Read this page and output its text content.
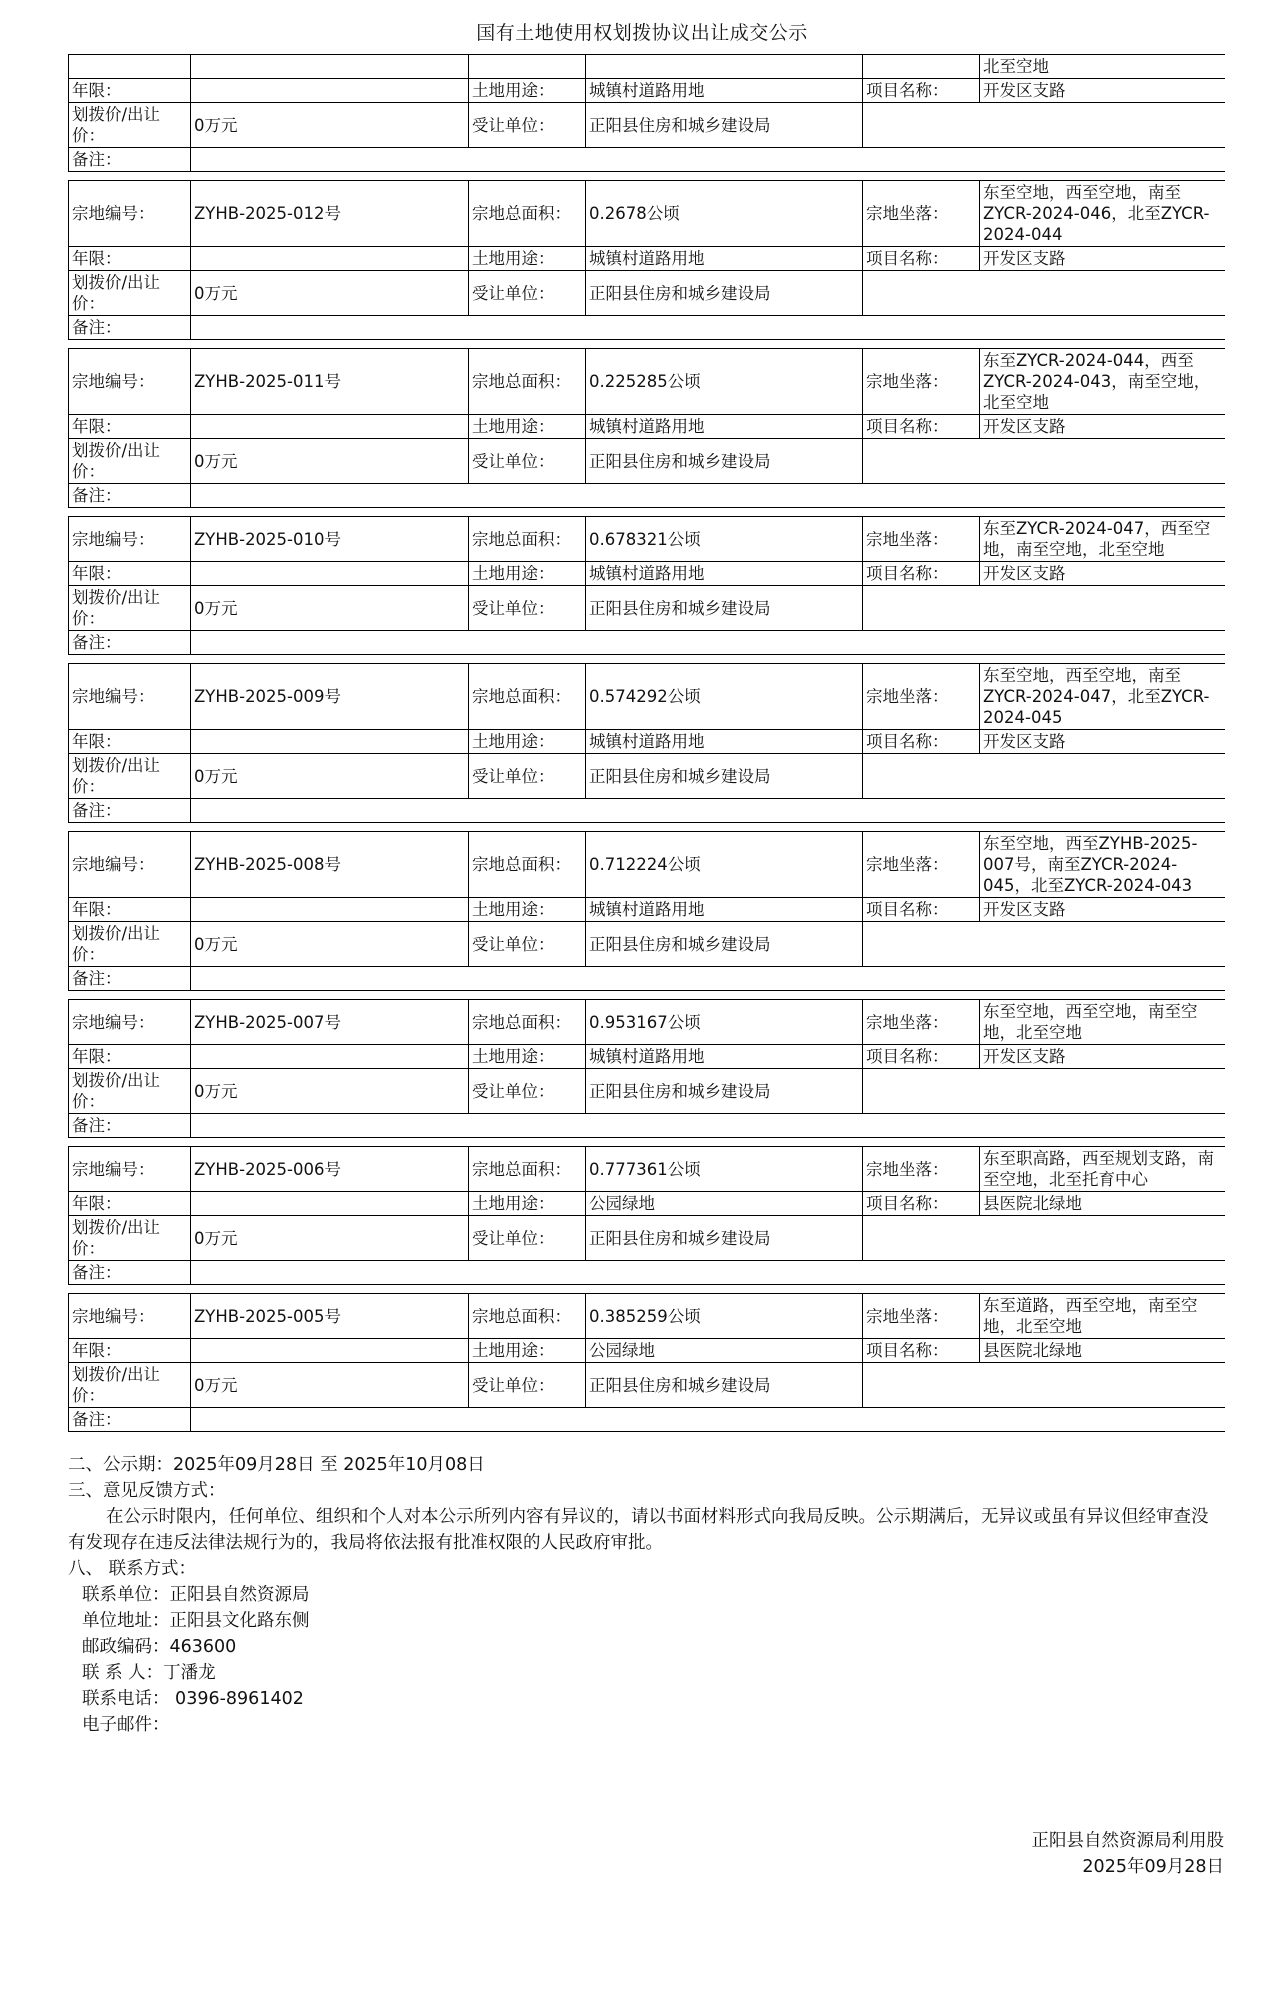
国有土地使用权划拨协议出让成交公示
					北至空地
年限：		土地用途：	城镇村道路用地	项目名称：	开发区支路
划拨价/出让价：	0万元	受让单位：	正阳县住房和城乡建设局		
备注：					

宗地编号：	ZYHB-2025-012号	宗地总面积：	0.2678公顷	宗地坐落：	东至空地，西至空地，南至ZYCR-2024-046，北至ZYCR-2024-044
年限：		土地用途：	城镇村道路用地	项目名称：	开发区支路
划拨价/出让价：	0万元	受让单位：	正阳县住房和城乡建设局		
备注：					

宗地编号：	ZYHB-2025-011号	宗地总面积：	0.225285公顷	宗地坐落：	东至ZYCR-2024-044，西至ZYCR-2024-043，南至空地，北至空地
年限：		土地用途：	城镇村道路用地	项目名称：	开发区支路
划拨价/出让价：	0万元	受让单位：	正阳县住房和城乡建设局		
备注：					

宗地编号：	ZYHB-2025-010号	宗地总面积：	0.678321公顷	宗地坐落：	东至ZYCR-2024-047，西至空地，南至空地，北至空地
年限：		土地用途：	城镇村道路用地	项目名称：	开发区支路
划拨价/出让价：	0万元	受让单位：	正阳县住房和城乡建设局		
备注：					

宗地编号：	ZYHB-2025-009号	宗地总面积：	0.574292公顷	宗地坐落：	东至空地，西至空地，南至ZYCR-2024-047，北至ZYCR-2024-045
年限：		土地用途：	城镇村道路用地	项目名称：	开发区支路
划拨价/出让价：	0万元	受让单位：	正阳县住房和城乡建设局		
备注：					

宗地编号：	ZYHB-2025-008号	宗地总面积：	0.712224公顷	宗地坐落：	东至空地，西至ZYHB-2025-007号，南至ZYCR-2024-045，北至ZYCR-2024-043
年限：		土地用途：	城镇村道路用地	项目名称：	开发区支路
划拨价/出让价：	0万元	受让单位：	正阳县住房和城乡建设局		
备注：					

宗地编号：	ZYHB-2025-007号	宗地总面积：	0.953167公顷	宗地坐落：	东至空地，西至空地，南至空地，北至空地
年限：		土地用途：	城镇村道路用地	项目名称：	开发区支路
划拨价/出让价：	0万元	受让单位：	正阳县住房和城乡建设局		
备注：					

宗地编号：	ZYHB-2025-006号	宗地总面积：	0.777361公顷	宗地坐落：	东至职高路，西至规划支路，南至空地，北至托育中心
年限：		土地用途：	公园绿地	项目名称：	县医院北绿地
划拨价/出让价：	0万元	受让单位：	正阳县住房和城乡建设局		
备注：					

宗地编号：	ZYHB-2025-005号	宗地总面积：	0.385259公顷	宗地坐落：	东至道路，西至空地，南至空地，北至空地
年限：		土地用途：	公园绿地	项目名称：	县医院北绿地
划拨价/出让价：	0万元	受让单位：	正阳县住房和城乡建设局		
备注：					

二、公示期：2025年09月28日 至 2025年10月08日
三、意见反馈方式：
在公示时限内，任何单位、组织和个人对本公示所列内容有异议的，请以书面材料形式向我局反映。公示期满后，无异议或虽有异议但经审查没有发现存在违反法律法规行为的，我局将依法报有批准权限的人民政府审批。
八、 联系方式：
联系单位：正阳县自然资源局
单位地址：正阳县文化路东侧
邮政编码：463600
联 系 人：丁潘龙
联系电话： 0396-8961402
电子邮件：
正阳县自然资源局利用股
2025年09月28日
